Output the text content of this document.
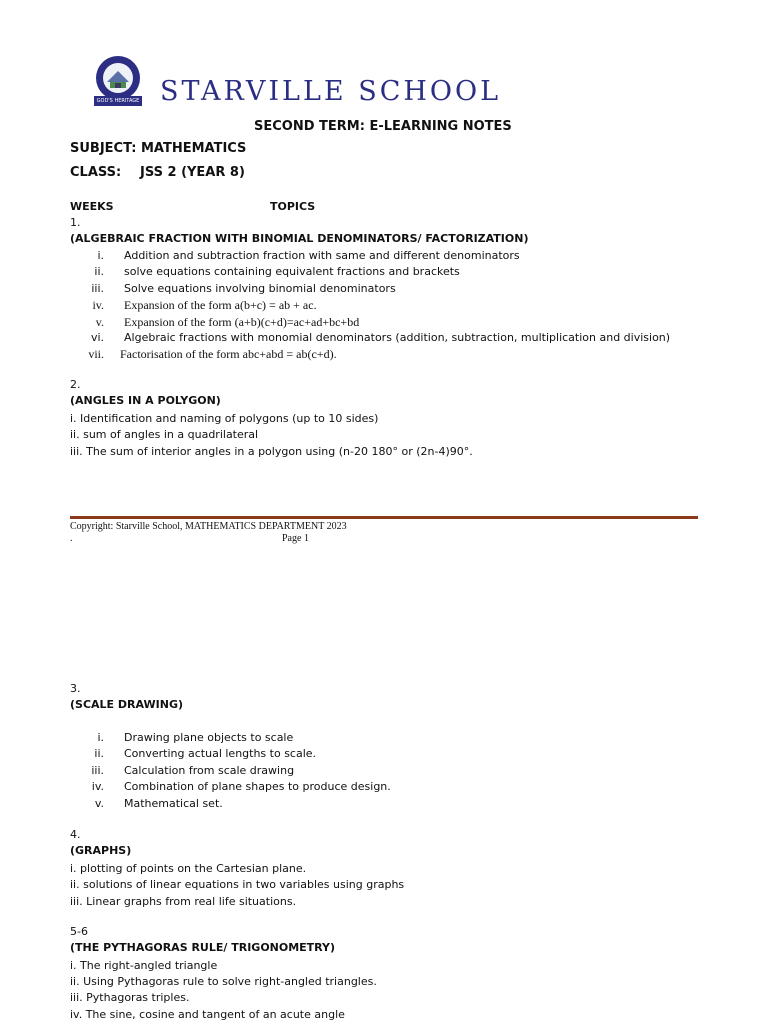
GOD'S HERITAGE STARVILLE SCHOOL
SECOND TERM: E-LEARNING NOTES
SUBJECT: MATHEMATICS
CLASS: JSS 2 (YEAR 8)
WEEKS	TOPICS
1.
(ALGEBRAIC FRACTION WITH BINOMIAL DENOMINATORS/ FACTORIZATION)
i. Addition and subtraction fraction with same and different denominators
ii. solve equations containing equivalent fractions and brackets
iii. Solve equations involving binomial denominators
iv. Expansion of the form a(b+c) = ab + ac.
v. Expansion of the form (a+b)(c+d)=ac+ad+bc+bd
vi. Algebraic fractions with monomial denominators (addition, subtraction, multiplication and division)
vii. Factorisation of the form abc+abd = ab(c+d).
2.
(ANGLES IN A POLYGON)
i. Identification and naming of polygons (up to 10 sides)
ii. sum of angles in a quadrilateral
iii. The sum of interior angles in a polygon using (n-20 180° or (2n-4)90°.
Copyright: Starville School, MATHEMATICS DEPARTMENT 2023
.	Page 1
3.
(SCALE DRAWING)
i. Drawing plane objects to scale
ii. Converting actual lengths to scale.
iii. Calculation from scale drawing
iv. Combination of plane shapes to produce design.
v. Mathematical set.
4.
(GRAPHS)
i. plotting of points on the Cartesian plane.
ii. solutions of linear equations in two variables using graphs
iii. Linear graphs from real life situations.
5-6
(THE PYTHAGORAS RULE/ TRIGONOMETRY)
i. The right-angled triangle
ii. Using Pythagoras rule to solve right-angled triangles.
iii. Pythagoras triples.
iv. The sine, cosine and tangent of an acute angle
